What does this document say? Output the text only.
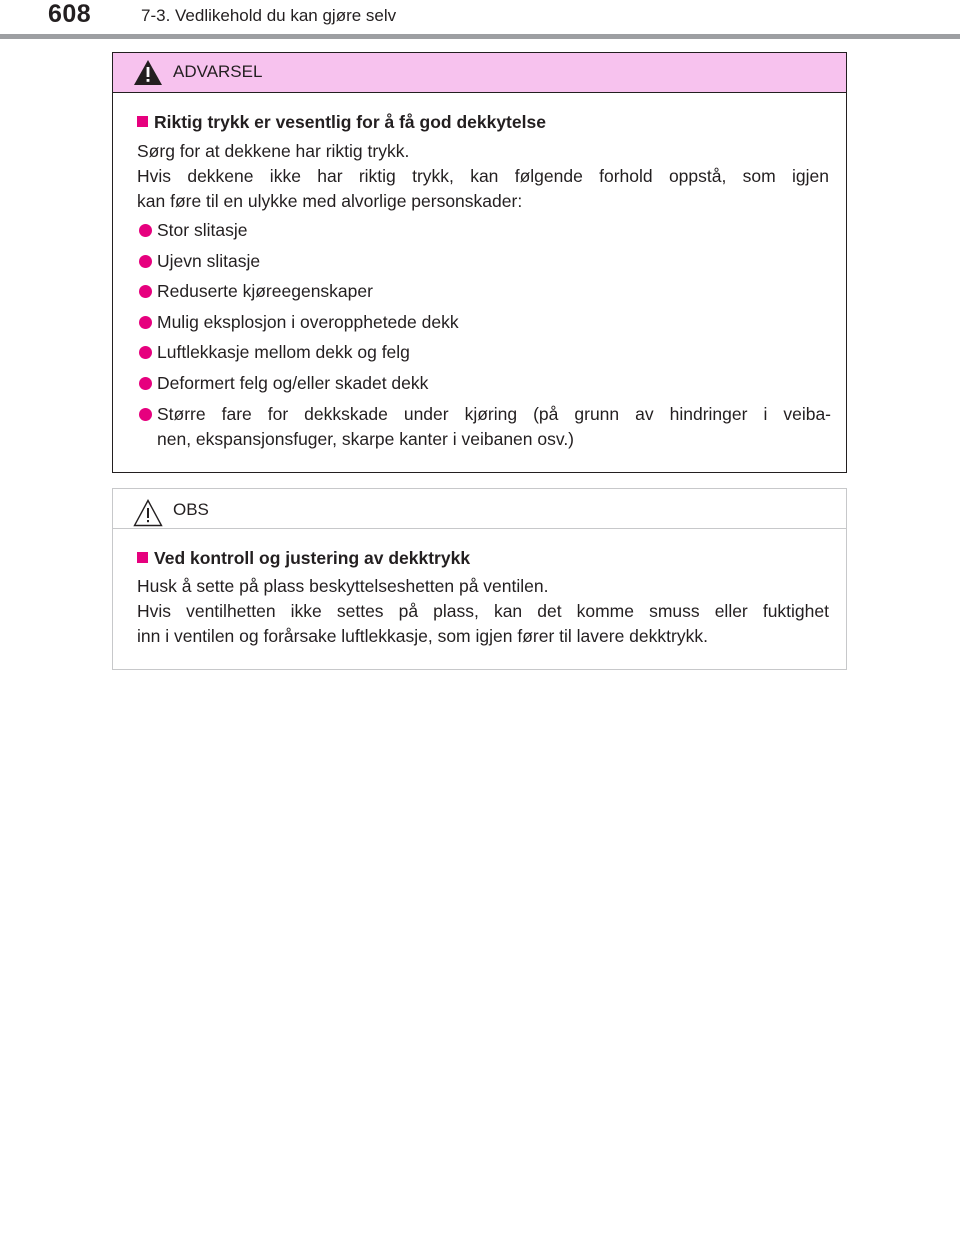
608	7-3. Vedlikehold du kan gjøre selv
ADVARSEL
Riktig trykk er vesentlig for å få god dekkytelse
Sørg for at dekkene har riktig trykk.
Hvis dekkene ikke har riktig trykk, kan følgende forhold oppstå, som igjen
kan føre til en ulykke med alvorlige personskader:
Stor slitasje
Ujevn slitasje
Reduserte kjøreegenskaper
Mulig eksplosjon i overopphetede dekk
Luftlekkasje mellom dekk og felg
Deformert felg og/eller skadet dekk
Større fare for dekkskade under kjøring (på grunn av hindringer i veiba-
nen, ekspansjonsfuger, skarpe kanter i veibanen osv.)
OBS
Ved kontroll og justering av dekktrykk
Husk å sette på plass beskyttelseshetten på ventilen.
Hvis ventilhetten ikke settes på plass, kan det komme smuss eller fuktighet
inn i ventilen og forårsake luftlekkasje, som igjen fører til lavere dekktrykk.
